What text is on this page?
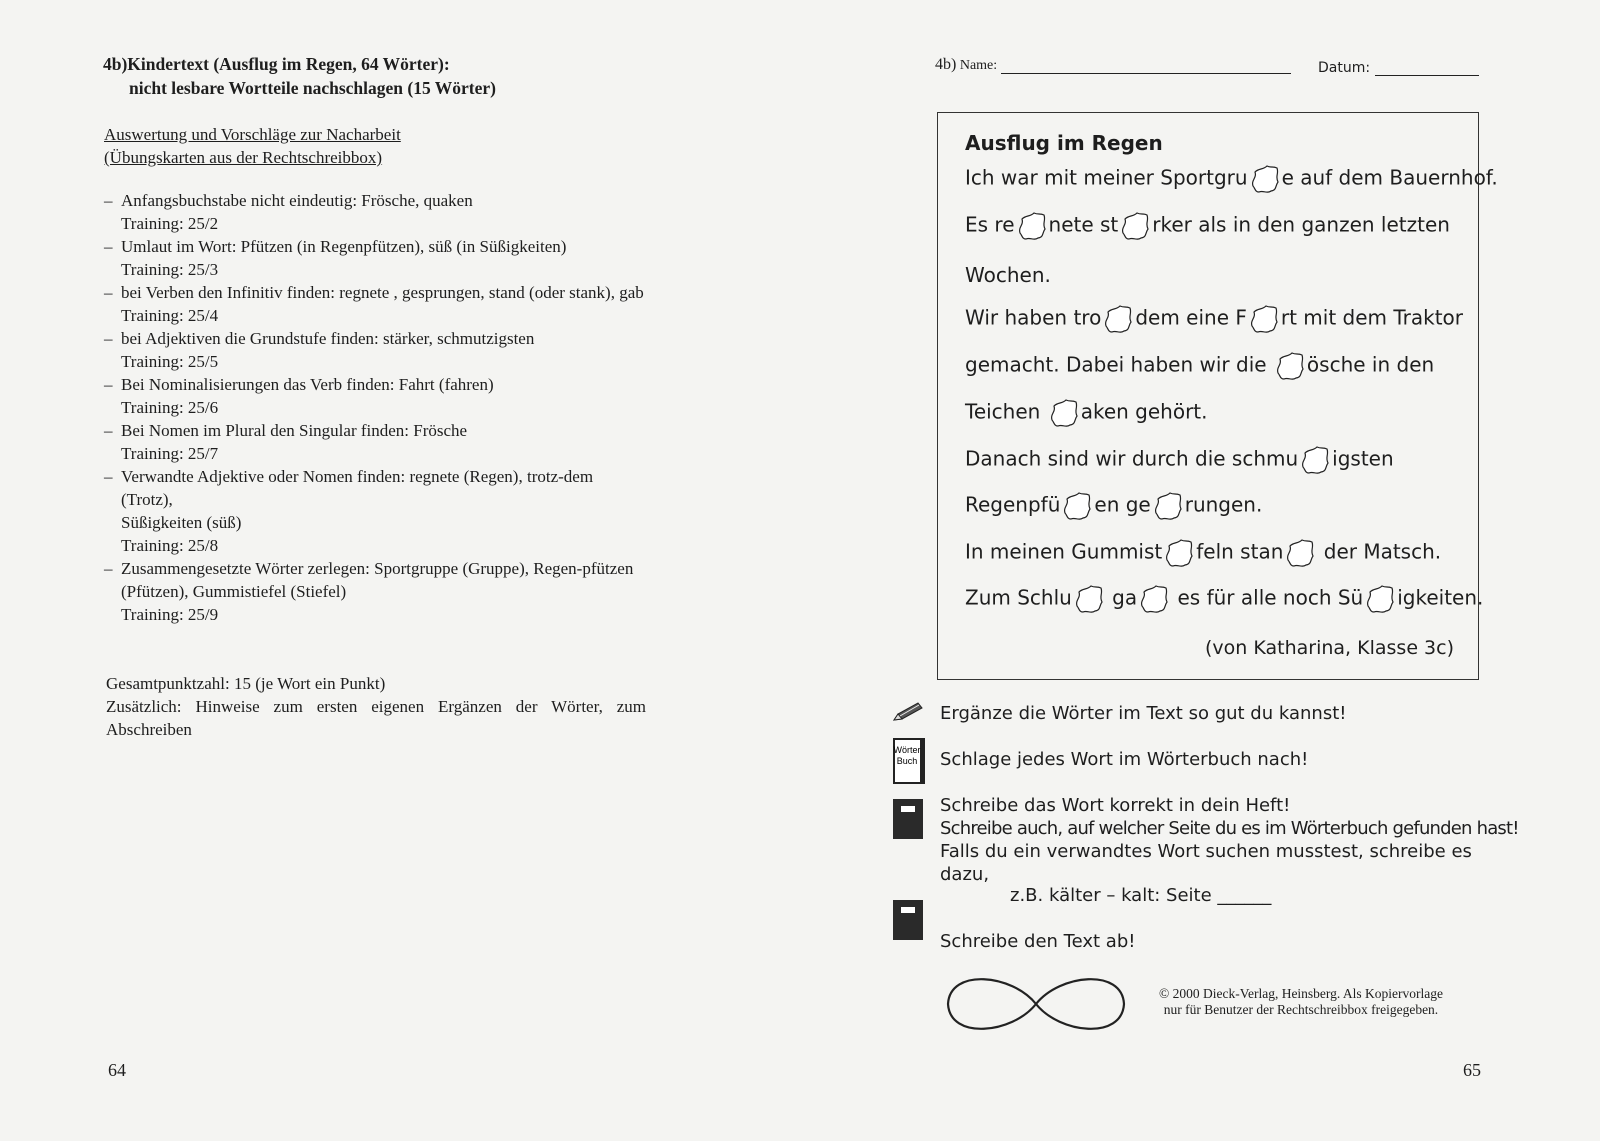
4b)Kindertext (Ausflug im Regen, 64 Wörter):
nicht lesbare Wortteile nachschlagen (15 Wörter)
Auswertung und Vorschläge zur Nacharbeit
(Übungskarten aus der Rechtschreibbox)
– Anfangsbuchstabe nicht eindeutig: Frösche, quaken
Training: 25/2
– Umlaut im Wort: Pfützen (in Regenpfützen), süß (in Süßigkeiten)
Training: 25/3
– bei Verben den Infinitiv finden: regnete , gesprungen, stand (oder stank), gab
Training: 25/4
– bei Adjektiven die Grundstufe finden: stärker, schmutzigsten
Training: 25/5
– Bei Nominalisierungen das Verb finden: Fahrt (fahren)
Training: 25/6
– Bei Nomen im Plural den Singular finden: Frösche
Training: 25/7
– Verwandte Adjektive oder Nomen finden: regnete (Regen), trotz-dem (Trotz),
Süßigkeiten (süß)
Training: 25/8
– Zusammengesetzte Wörter zerlegen: Sportgruppe (Gruppe), Regen-pfützen (Pfützen), Gummistiefel (Stiefel)
Training: 25/9
Gesamtpunktzahl: 15 (je Wort ein Punkt)
Zusätzlich: Hinweise zum ersten eigenen Ergänzen der Wörter, zum Abschreiben
64
4b) Name:	Datum:
Ausflug im Regen
Ich war mit meiner Sportgru e auf dem Bauernhof.
Es re nete st rker als in den ganzen letzten
Wochen.
Wir haben tro dem eine F rt mit dem Traktor
gemacht. Dabei haben wir die
ösche in den
Teichen
aken gehört.
Danach sind wir durch die schmu igsten
Regenpfü en ge rungen.
In meinen Gummist feln stan
der Matsch.
Zum Schlu
ga
es für alle noch Sü igkeiten.
(von Katharina, Klasse 3c)
Wörter
Buch
Ergänze die Wörter im Text so gut du kannst!
Schlage jedes Wort im Wörterbuch nach!
Schreibe das Wort korrekt in dein Heft!
Schreibe auch, auf welcher Seite du es im Wörterbuch gefunden hast!
Falls du ein verwandtes Wort suchen musstest, schreibe es
dazu,
z.B. kälter – kalt: Seite ______
Schreibe den Text ab!
© 2000 Dieck-Verlag, Heinsberg. Als Kopiervorlage
nur für Benutzer der Rechtschreibbox freigegeben.
65
